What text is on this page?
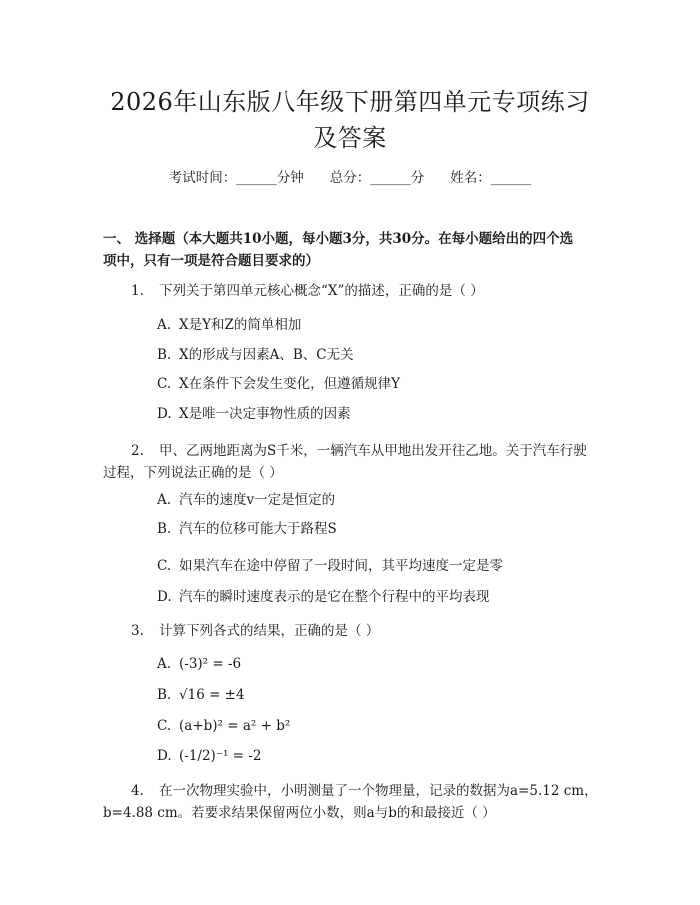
2026年山东版八年级下册第四单元专项练习
及答案
考试时间：______分钟 总分：______分 姓名：______
一、 选择题（本大题共10小题，每小题3分，共30分。在每小题给出的四个选
项中，只有一项是符合题目要求的）
1. 下列关于第四单元核心概念“X”的描述，正确的是（ ）
A. X是Y和Z的简单相加
B. X的形成与因素A、B、C无关
C. X在条件下会发生变化，但遵循规律Y
D. X是唯一决定事物性质的因素
2. 甲、乙两地距离为S千米，一辆汽车从甲地出发开往乙地。关于汽车行驶
过程，下列说法正确的是（ ）
A. 汽车的速度v一定是恒定的
B. 汽车的位移可能大于路程S
C. 如果汽车在途中停留了一段时间，其平均速度一定是零
D. 汽车的瞬时速度表示的是它在整个行程中的平均表现
3. 计算下列各式的结果，正确的是（ ）
A. (-3)² = -6
B. √16 = ±4
C. (a+b)² = a² + b²
D. (-1/2)⁻¹ = -2
4. 在一次物理实验中，小明测量了一个物理量，记录的数据为a=5.12 cm，
b=4.88 cm。若要求结果保留两位小数，则a与b的和最接近（ ）
